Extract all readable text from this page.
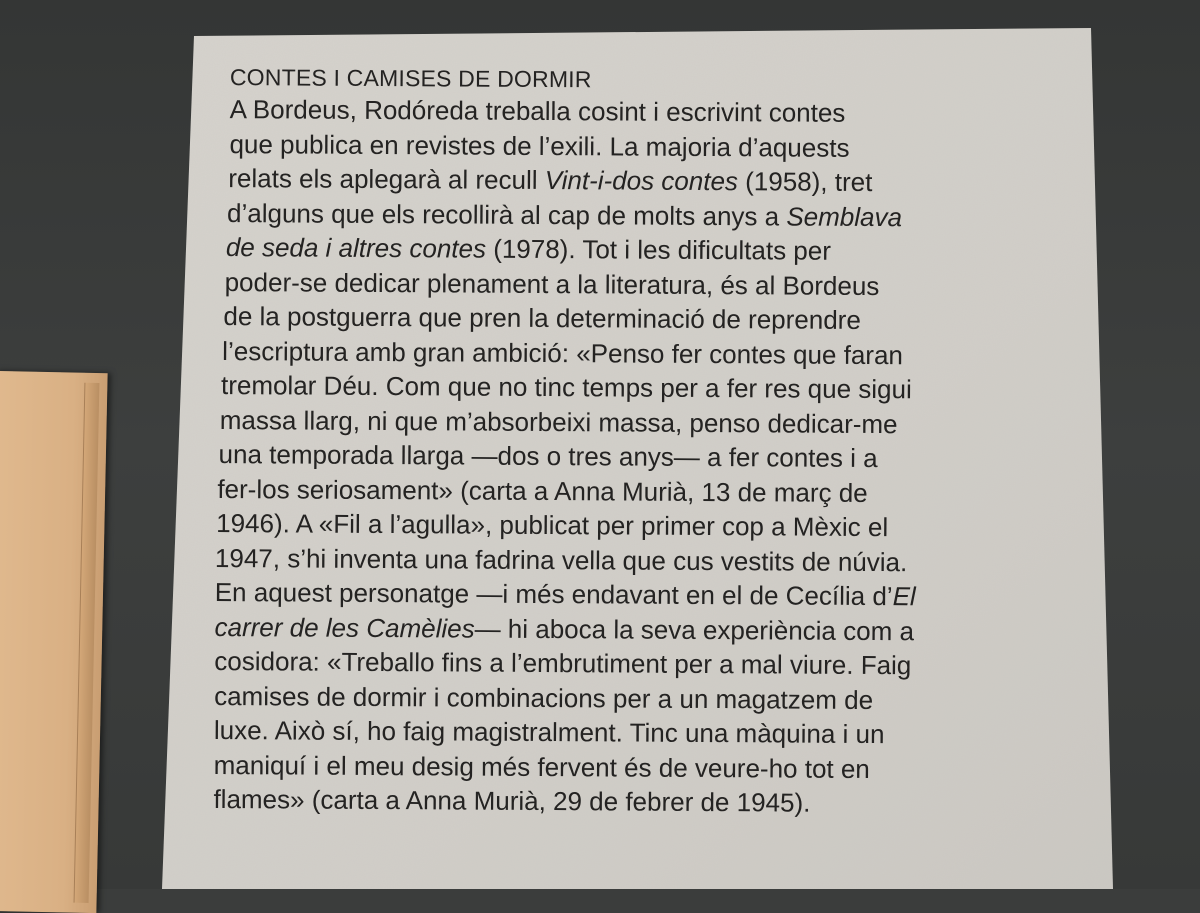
CONTES I CAMISES DE DORMIR
A Bordeus, Rodóreda treballa cosint i escrivint contes
que publica en revistes de l’exili. La majoria d’aquests
relats els aplegarà al recull Vint-i-dos contes (1958), tret
d’alguns que els recollirà al cap de molts anys a Semblava
de seda i altres contes (1978). Tot i les dificultats per
poder-se dedicar plenament a la literatura, és al Bordeus
de la postguerra que pren la determinació de reprendre
l’escriptura amb gran ambició: «Penso fer contes que faran
tremolar Déu. Com que no tinc temps per a fer res que sigui
massa llarg, ni que m’absorbeixi massa, penso dedicar-me
una temporada llarga —dos o tres anys— a fer contes i a
fer-los seriosament» (carta a Anna Murià, 13 de març de
1946). A «Fil a l’agulla», publicat per primer cop a Mèxic el
1947, s’hi inventa una fadrina vella que cus vestits de núvia.
En aquest personatge —i més endavant en el de Cecília d’El
carrer de les Camèlies— hi aboca la seva experiència com a
cosidora: «Treballo fins a l’embrutiment per a mal viure. Faig
camises de dormir i combinacions per a un magatzem de
luxe. Això sí, ho faig magistralment. Tinc una màquina i un
maniquí i el meu desig més fervent és de veure-ho tot en
flames» (carta a Anna Murià, 29 de febrer de 1945).
